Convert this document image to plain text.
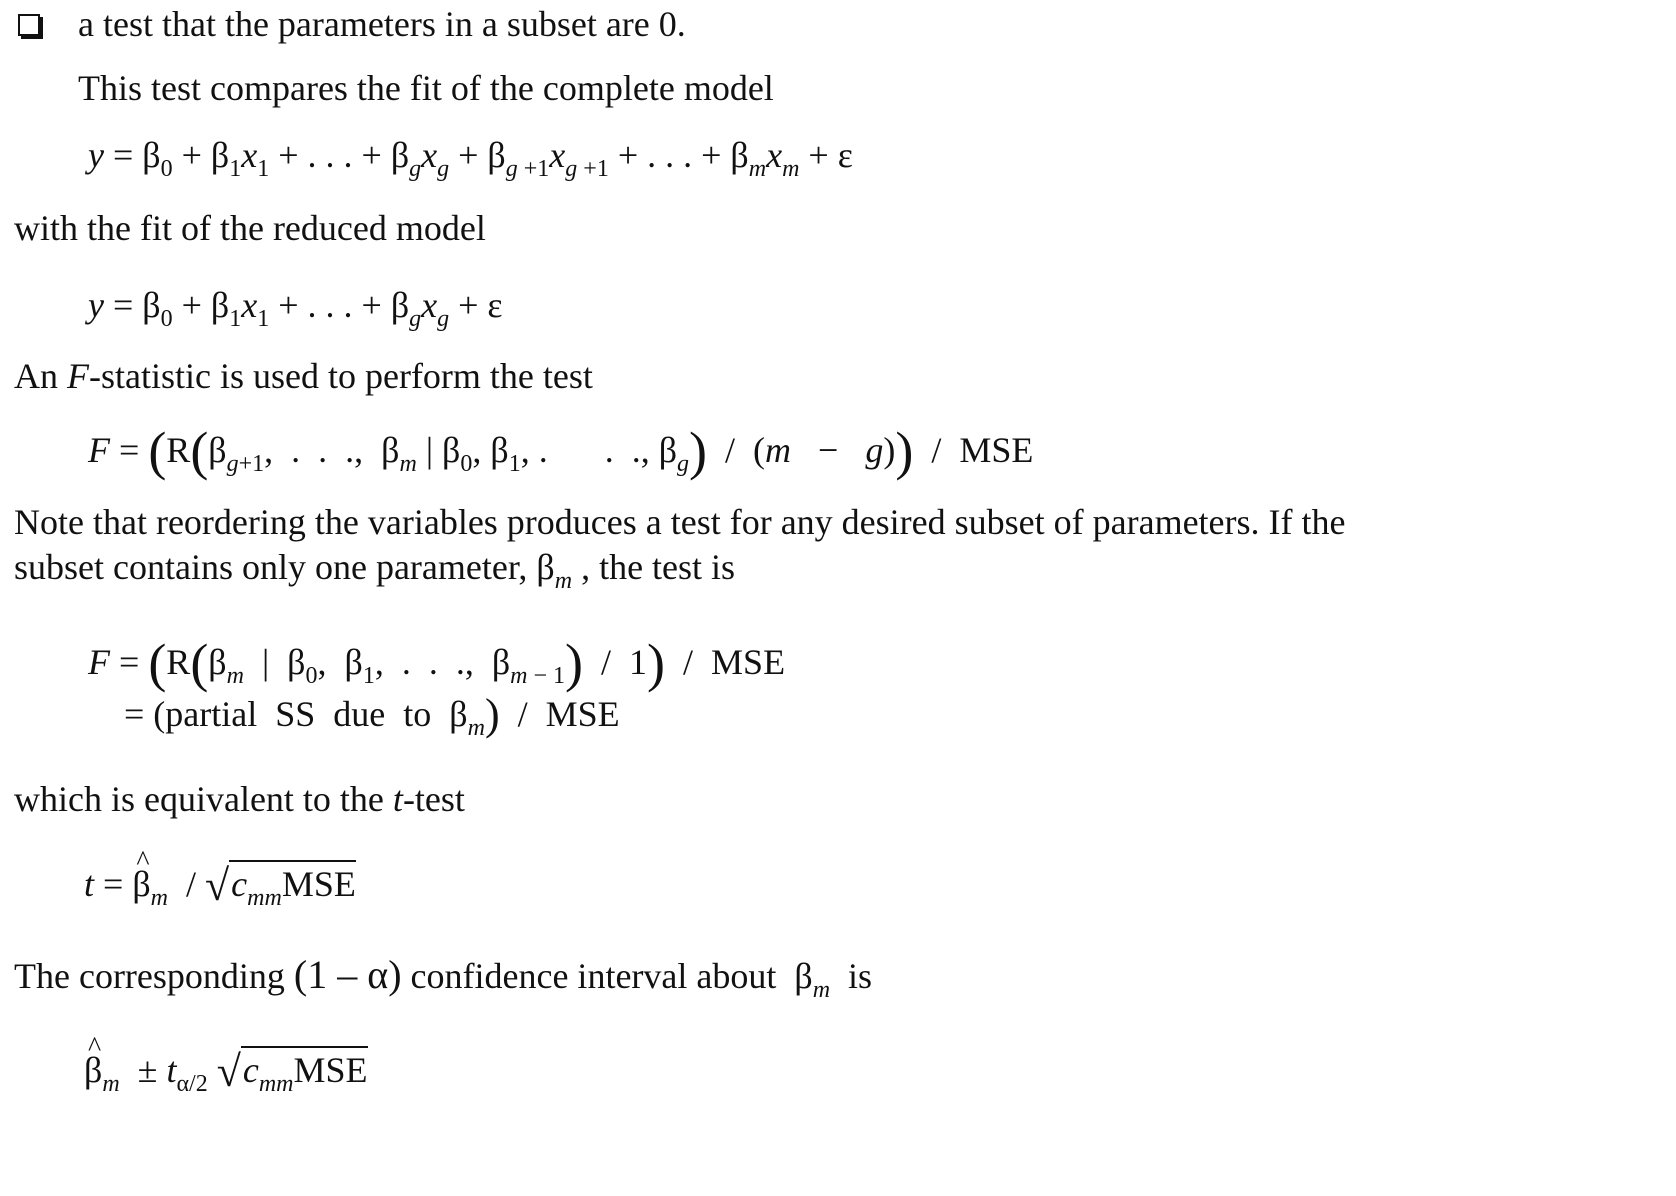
a test that the parameters in a subset are 0.
This test compares the fit of the complete model
$y = \beta_0 + \beta_1x_1$ + . . . + $\beta_gx_g + \beta_{g +1}x_{g +1}$ + . . . + $\beta_mx_m + \varepsilon$
with the fit of the reduced model
$y = \beta_0 + \beta_1x_1$ + . . . + $\beta_gx_g + \varepsilon$
An F-statistic is used to perform the test
$F = (R(\beta_{g+1}$,  .  .  .,  $\beta_m$ | $\beta_0$, $\beta_1$, . .  ., $\beta_g) / (m - g)$)  /  MSE
Note that reordering the variables produces a test for any desired subset of parameters. If the
subset contains only one parameter, $\beta_m$ , the test is
$F = (R(\beta_m$  |  $\beta_0$,  $\beta_1$,  .  .  .,  $\beta_{m - 1}) / 1$)  /  MSE
= (partial SS due to  $\beta_m$)  /  MSE
which is equivalent to the t-test
t = ^ $\beta_m / √c_{mm}MSE$
The corresponding (1 – α) confidence interval about  $\beta_m$ is
^ $\beta_m \pm t_{\alpha/2}$ $√c_{mm}MSE$
